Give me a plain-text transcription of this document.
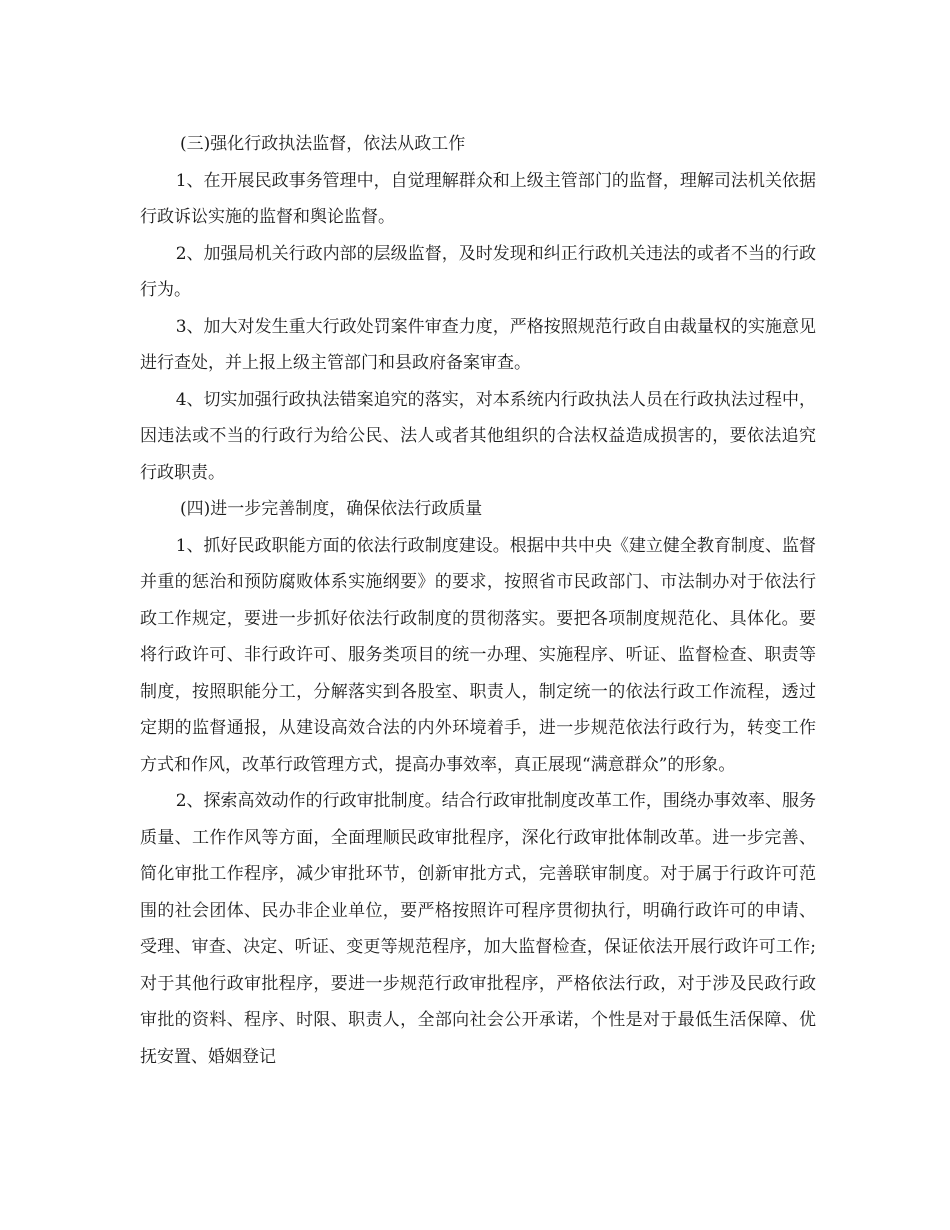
(三)强化行政执法监督，依法从政工作

1、在开展民政事务管理中，自觉理解群众和上级主管部门的监督，理解司法机关依据行政诉讼实施的监督和舆论监督。

2、加强局机关行政内部的层级监督，及时发现和纠正行政机关违法的或者不当的行政行为。

3、加大对发生重大行政处罚案件审查力度，严格按照规范行政自由裁量权的实施意见进行查处，并上报上级主管部门和县政府备案审查。

4、切实加强行政执法错案追究的落实，对本系统内行政执法人员在行政执法过程中，因违法或不当的行政行为给公民、法人或者其他组织的合法权益造成损害的，要依法追究行政职责。

(四)进一步完善制度，确保依法行政质量

1、抓好民政职能方面的依法行政制度建设。根据中共中央《建立健全教育制度、监督并重的惩治和预防腐败体系实施纲要》的要求，按照省市民政部门、市法制办对于依法行政工作规定，要进一步抓好依法行政制度的贯彻落实。要把各项制度规范化、具体化。要将行政许可、非行政许可、服务类项目的统一办理、实施程序、听证、监督检查、职责等制度，按照职能分工，分解落实到各股室、职责人，制定统一的依法行政工作流程，透过定期的监督通报，从建设高效合法的内外环境着手，进一步规范依法行政行为，转变工作方式和作风，改革行政管理方式，提高办事效率，真正展现“满意群众”的形象。

2、探索高效动作的行政审批制度。结合行政审批制度改革工作，围绕办事效率、服务质量、工作作风等方面，全面理顺民政审批程序，深化行政审批体制改革。进一步完善、简化审批工作程序，减少审批环节，创新审批方式，完善联审制度。对于属于行政许可范围的社会团体、民办非企业单位，要严格按照许可程序贯彻执行，明确行政许可的申请、受理、审查、决定、听证、变更等规范程序，加大监督检查，保证依法开展行政许可工作;对于其他行政审批程序，要进一步规范行政审批程序，严格依法行政，对于涉及民政行政审批的资料、程序、时限、职责人，全部向社会公开承诺，个性是对于最低生活保障、优抚安置、婚姻登记
